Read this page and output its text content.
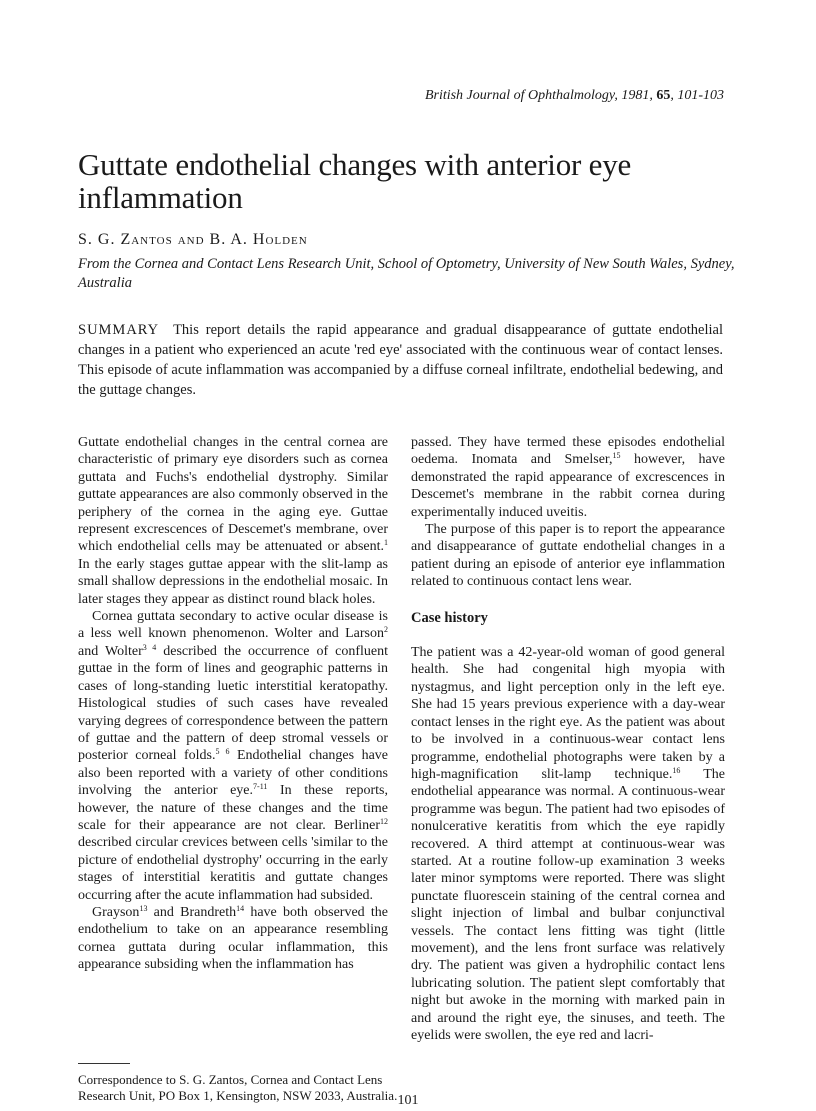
British Journal of Ophthalmology, 1981, 65, 101-103
Guttate endothelial changes with anterior eye inflammation
S. G. Zantos and B. A. Holden
From the Cornea and Contact Lens Research Unit, School of Optometry, University of New South Wales, Sydney, Australia

SUMMARY This report details the rapid appearance and gradual disappearance of guttate endothelial changes in a patient who experienced an acute 'red eye' associated with the continuous wear of contact lenses. This episode of acute inflammation was accompanied by a diffuse corneal infiltrate, endothelial bedewing, and the guttage changes.

Guttate endothelial changes in the central cornea are characteristic of primary eye disorders such as cornea guttata and Fuchs's endothelial dystrophy. Similar guttate appearances are also commonly observed in the periphery of the cornea in the aging eye. Guttae represent excrescences of Descemet's membrane, over which endothelial cells may be attenuated or absent.$^1$ In the early stages guttae appear with the slit-lamp as small shallow depressions in the endothelial mosaic. In later stages they appear as distinct round black holes.

Cornea guttata secondary to active ocular disease is a less well known phenomenon. Wolter and Larson$^2$ and Wolter$^{3 4}$ described the occurrence of confluent guttae in the form of lines and geographic patterns in cases of long-standing luetic interstitial keratopathy. Histological studies of such cases have revealed varying degrees of correspondence between the pattern of guttae and the pattern of deep stromal vessels or posterior corneal folds.$^{5 6}$ Endothelial changes have also been reported with a variety of other conditions involving the anterior eye.$^{7-11}$ In these reports, however, the nature of these changes and the time scale for their appearance are not clear. Berliner$^{12}$ described circular crevices between cells 'similar to the picture of endothelial dystrophy' occurring in the early stages of interstitial keratitis and guttate changes occurring after the acute inflammation had subsided.

Grayson$^{13}$ and Brandreth$^{14}$ have both observed the endothelium to take on an appearance resembling cornea guttata during ocular inflammation, this appearance subsiding when the inflammation has

passed. They have termed these episodes endothelial oedema. Inomata and Smelser,$^{15}$ however, have demonstrated the rapid appearance of excrescences in Descemet's membrane in the rabbit cornea during experimentally induced uveitis.

The purpose of this paper is to report the appearance and disappearance of guttate endothelial changes in a patient during an episode of anterior eye inflammation related to continuous contact lens wear.

Case history

The patient was a 42-year-old woman of good general health. She had congenital high myopia with nystagmus, and light perception only in the left eye. She had 15 years previous experience with a day-wear contact lenses in the right eye. As the patient was about to be involved in a continuous-wear contact lens programme, endothelial photographs were taken by a high-magnification slit-lamp technique.$^{16}$ The endothelial appearance was normal. A continuous-wear programme was begun. The patient had two episodes of nonulcerative keratitis from which the eye rapidly recovered. A third attempt at continuous-wear was started. At a routine follow-up examination 3 weeks later minor symptoms were reported. There was slight punctate fluorescein staining of the central cornea and slight injection of limbal and bulbar conjunctival vessels. The contact lens fitting was tight (little movement), and the lens front surface was relatively dry. The patient was given a hydrophilic contact lens lubricating solution. The patient slept comfortably that night but awoke in the morning with marked pain in and around the right eye, the sinuses, and teeth. The eyelids were swollen, the eye red and lacri-

Correspondence to S. G. Zantos, Cornea and Contact Lens Research Unit, PO Box 1, Kensington, NSW 2033, Australia. 101
